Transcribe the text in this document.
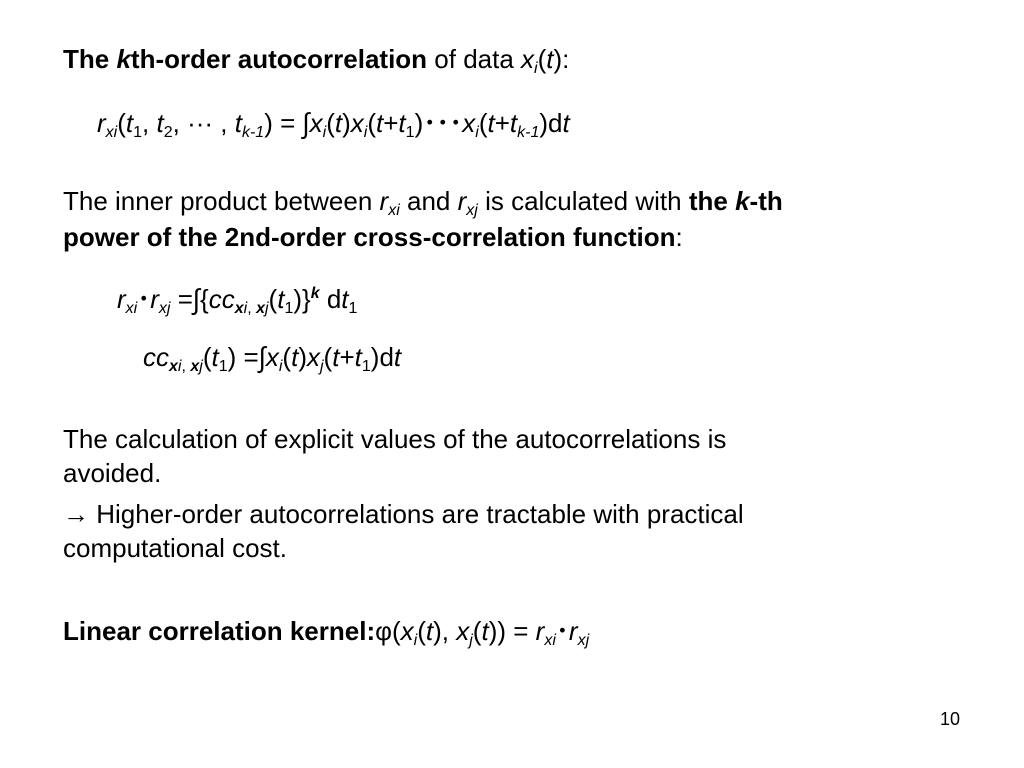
The kth-order autocorrelation of data $x_i(t)$:
$r_{xi}(t_1$, $t_2$, ··· , $t_{k-1}) = \int x_i(t)x_i(t+t_1)$･･･$x_i(t+t_{k-1})dt$
The inner product between $r_{xi}$ and $r_{xj}$ is calculated with the k-th
power of the 2nd-order cross-correlation function:
$r_{xi}$･$r_{xj} =\int\{cc_{xi, xj}(t_1)\}^k$ $dt_1$
$cc_{xi, xj}(t_1) =\int x_i(t)x_j(t+t_1)dt$
The calculation of explicit values of the autocorrelations is
avoided.
→ Higher-order autocorrelations are tractable with practical
computational cost.
Linear correlation $kernel:\varphi(x_i(t)$, $x_j(t)) = r_{xi}$･$r_{xj}$
10
